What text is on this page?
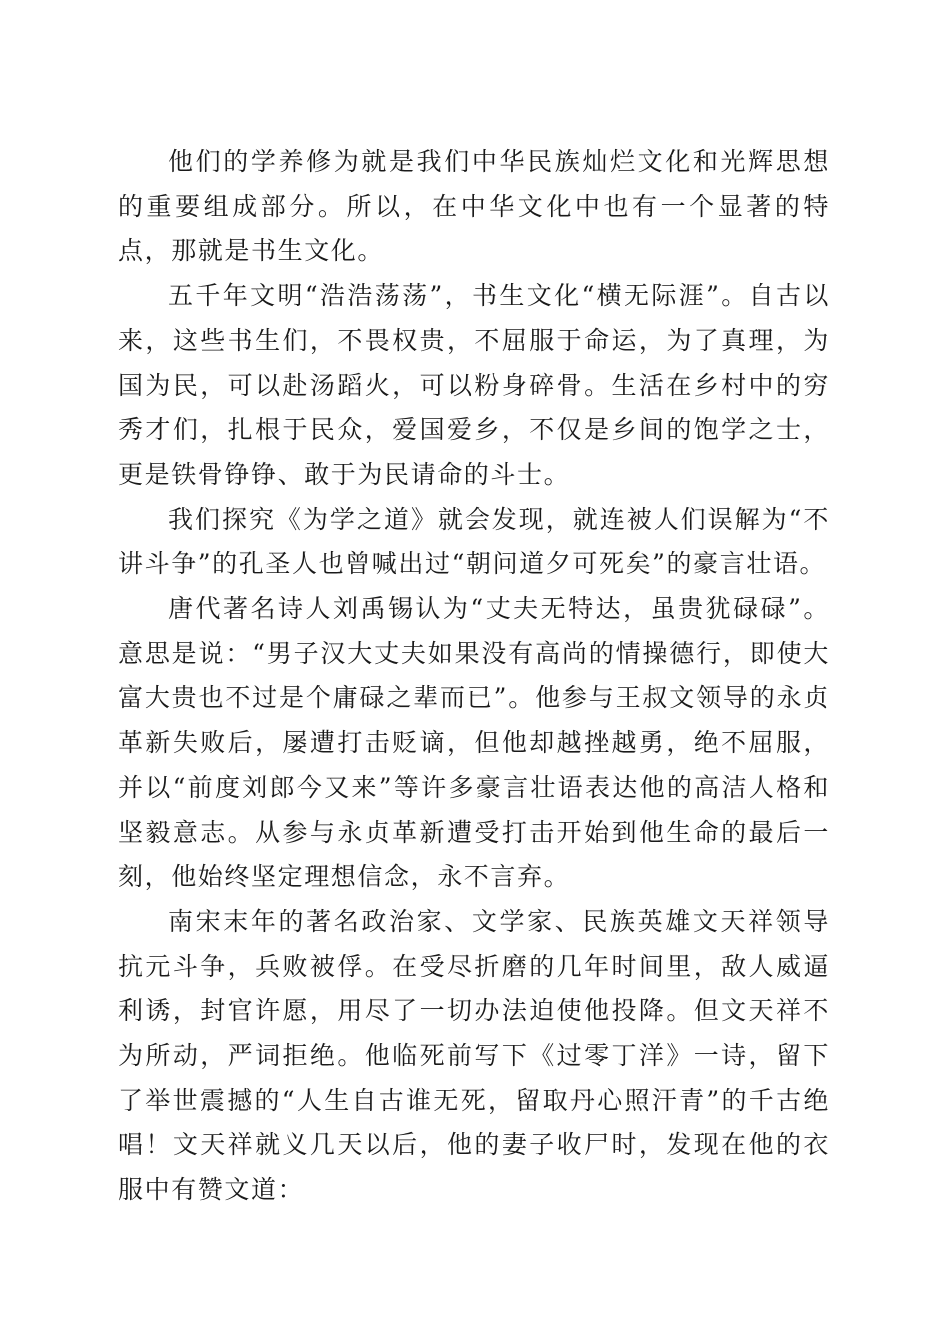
他们的学养修为就是我们中华民族灿烂文化和光辉思想的重要组成部分。所以，在中华文化中也有一个显著的特点，那就是书生文化。

五千年文明“浩浩荡荡”，书生文化“横无际涯”。自古以来，这些书生们，不畏权贵，不屈服于命运，为了真理，为国为民，可以赴汤蹈火，可以粉身碎骨。生活在乡村中的穷秀才们，扎根于民众，爱国爱乡，不仅是乡间的饱学之士，更是铁骨铮铮、敢于为民请命的斗士。

我们探究《为学之道》就会发现，就连被人们误解为“不讲斗争”的孔圣人也曾喊出过“朝问道夕可死矣”的豪言壮语。

唐代著名诗人刘禹锡认为“丈夫无特达，虽贵犹碌碌”。意思是说：“男子汉大丈夫如果没有高尚的情操德行，即使大富大贵也不过是个庸碌之辈而已”。他参与王叔文领导的永贞革新失败后，屡遭打击贬谪，但他却越挫越勇，绝不屈服，并以“前度刘郎今又来”等许多豪言壮语表达他的高洁人格和坚毅意志。从参与永贞革新遭受打击开始到他生命的最后一刻，他始终坚定理想信念，永不言弃。

南宋末年的著名政治家、文学家、民族英雄文天祥领导抗元斗争，兵败被俘。在受尽折磨的几年时间里，敌人威逼利诱，封官许愿，用尽了一切办法迫使他投降。但文天祥不为所动，严词拒绝。他临死前写下《过零丁洋》一诗，留下了举世震撼的“人生自古谁无死，留取丹心照汗青”的千古绝唱！文天祥就义几天以后，他的妻子收尸时，发现在他的衣服中有赞文道：
